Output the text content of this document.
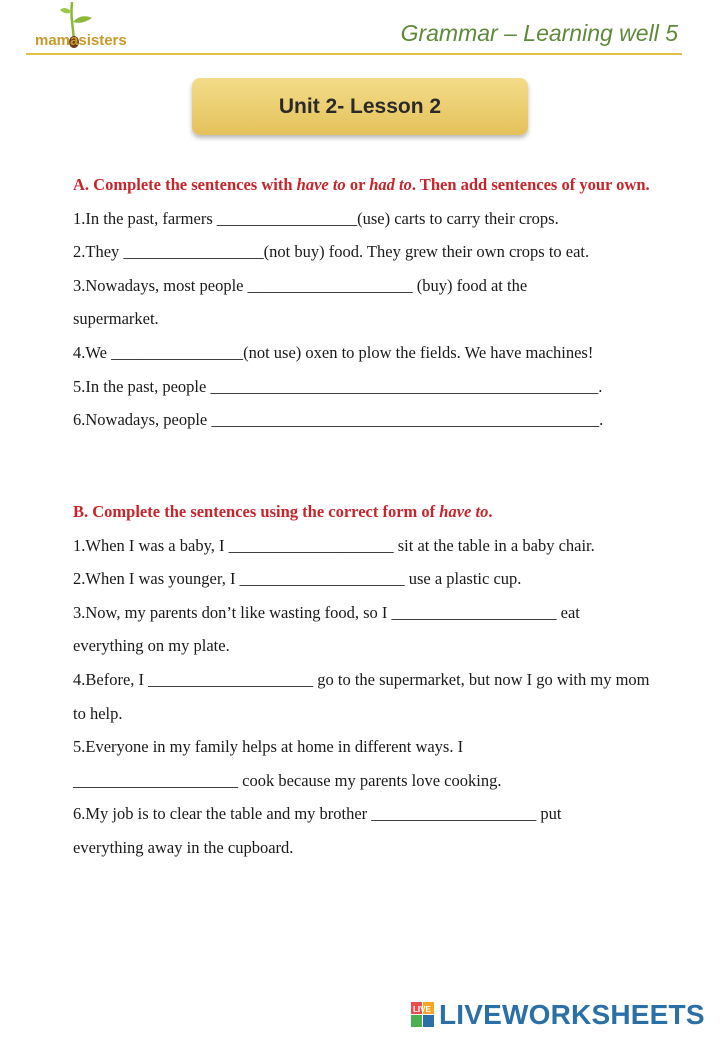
mamasisters	Grammar – Learning well 5
Unit 2- Lesson 2

A. Complete the sentences with have to or had to. Then add sentences of your own.

1.In the past, farmers _________________(use) carts to carry their crops.

2.They _________________(not buy) food. They grew their own crops to eat.

3.Nowadays, most people ____________________ (buy) food at the supermarket.

4.We ________________(not use) oxen to plow the fields. We have machines!

5.In the past, people _______________________________________________.

6.Nowadays, people _______________________________________________.

B. Complete the sentences using the correct form of have to.

1.When I was a baby, I ____________________ sit at the table in a baby chair.

2.When I was younger, I ____________________ use a plastic cup.

3.Now, my parents don’t like wasting food, so I ____________________ eat everything on my plate.

4.Before, I ____________________ go to the supermarket, but now I go with my mom to help.

5.Everyone in my family helps at home in different ways. I ____________________ cook because my parents love cooking.

6.My job is to clear the table and my brother ____________________ put everything away in the cupboard.

LIVE LIVEWORKSHEETS
